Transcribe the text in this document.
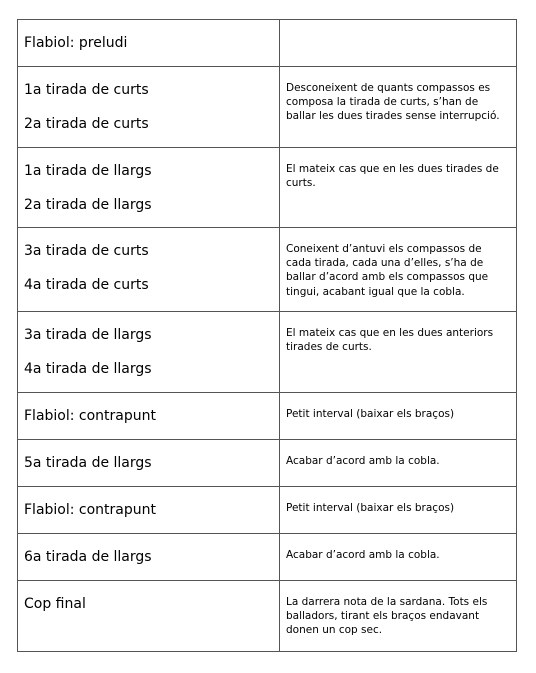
Flabiol: preludi	

1a tirada de curts
2a tirada de curts	Desconeixent de quants compassos es composa la tirada de curts, s’han de ballar les dues tirades sense interrupció.

1a tirada de llargs
2a tirada de llargs	El mateix cas que en les dues tirades de curts.

3a tirada de curts
4a tirada de curts	Coneixent d’antuvi els compassos de cada tirada, cada una d’elles, s’ha de ballar d’acord amb els compassos que tingui, acabant igual que la cobla.

3a tirada de llargs
4a tirada de llargs	El mateix cas que en les dues anteriors tirades de curts.

Flabiol: contrapunt	Petit interval (baixar els braços)

5a tirada de llargs	Acabar d’acord amb la cobla.

Flabiol: contrapunt	Petit interval (baixar els braços)

6a tirada de llargs	Acabar d’acord amb la cobla.

Cop final	La darrera nota de la sardana. Tots els balladors, tirant els braços endavant donen un cop sec.
